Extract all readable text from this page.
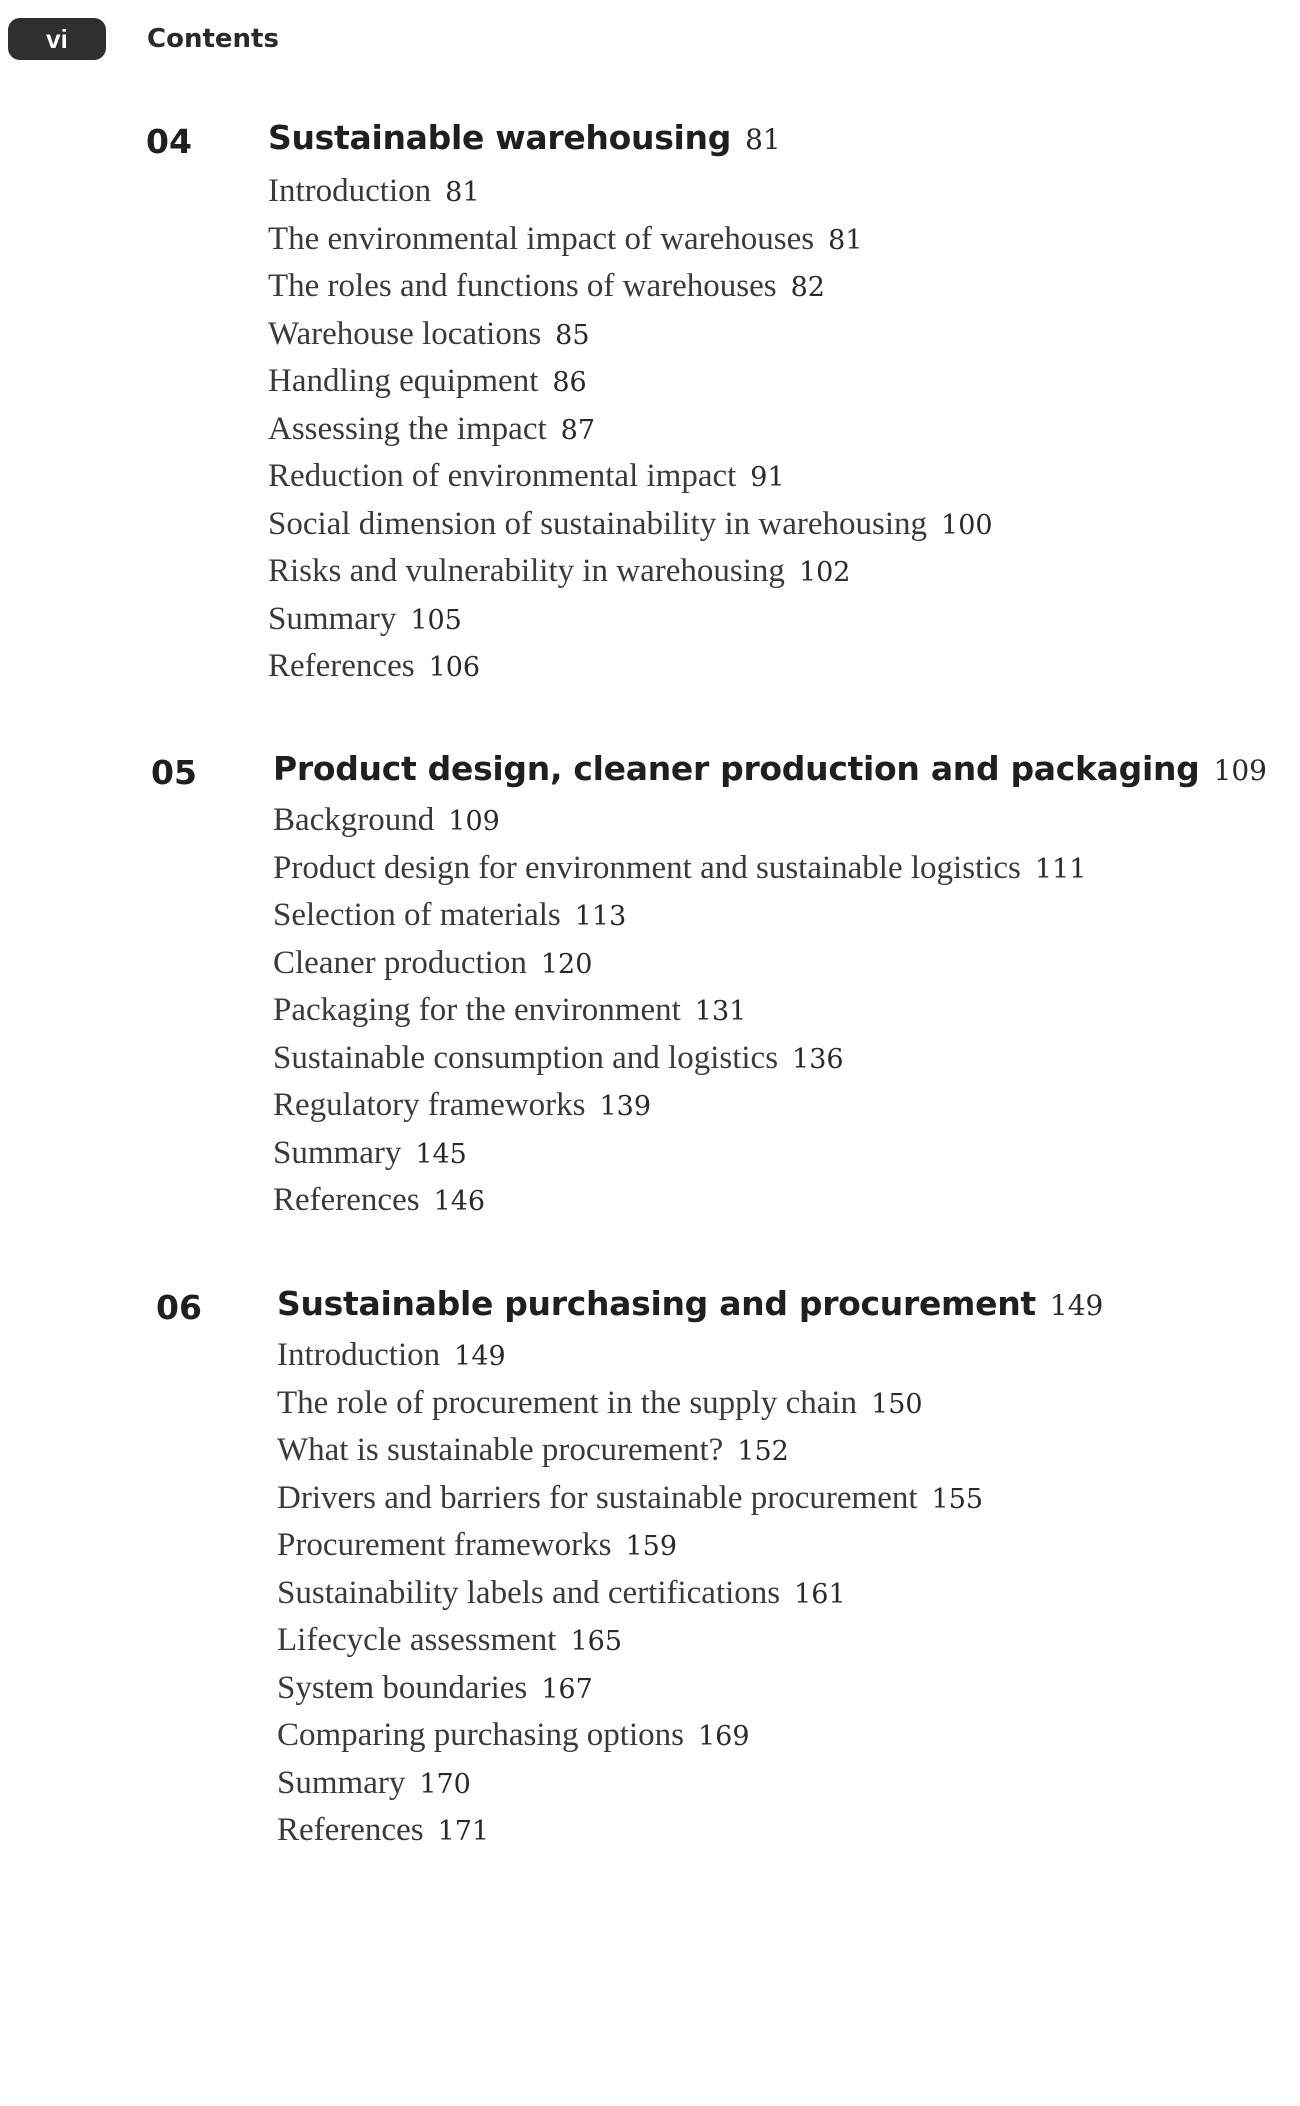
vi	Contents
04 Sustainable warehousing 81
Introduction 81
The environmental impact of warehouses 81
The roles and functions of warehouses 82
Warehouse locations 85
Handling equipment 86
Assessing the impact 87
Reduction of environmental impact 91
Social dimension of sustainability in warehousing 100
Risks and vulnerability in warehousing 102
Summary 105
References 106
05 Product design, cleaner production and packaging 109
Background 109
Product design for environment and sustainable logistics 111
Selection of materials 113
Cleaner production 120
Packaging for the environment 131
Sustainable consumption and logistics 136
Regulatory frameworks 139
Summary 145
References 146
06 Sustainable purchasing and procurement 149
Introduction 149
The role of procurement in the supply chain 150
What is sustainable procurement? 152
Drivers and barriers for sustainable procurement 155
Procurement frameworks 159
Sustainability labels and certifications 161
Lifecycle assessment 165
System boundaries 167
Comparing purchasing options 169
Summary 170
References 171
